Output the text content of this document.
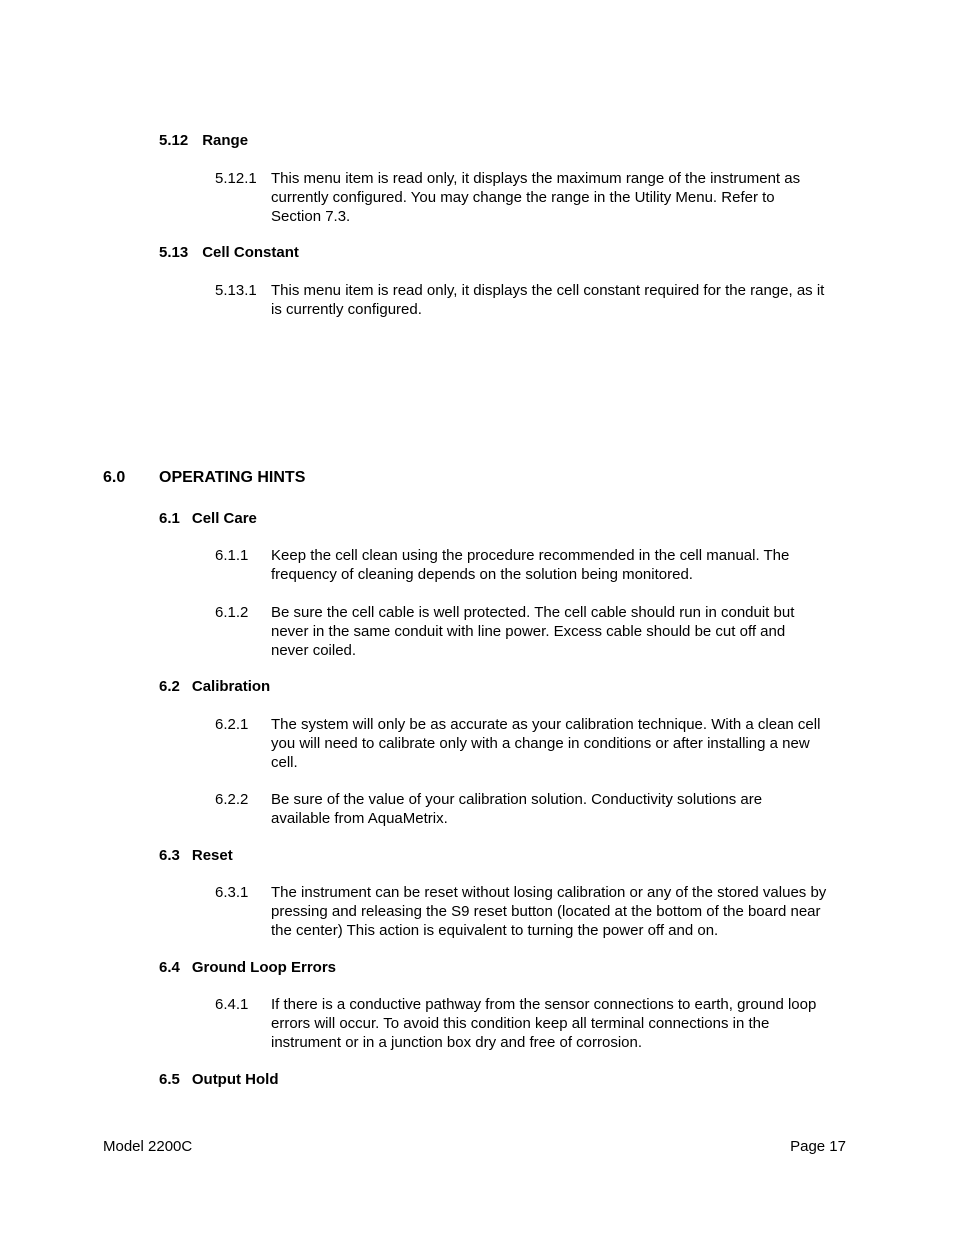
5.12 Range
5.12.1 This menu item is read only, it displays the maximum range of the instrument as
currently configured. You may change the range in the Utility Menu. Refer to
Section 7.3.
5.13 Cell Constant
5.13.1 This menu item is read only, it displays the cell constant required for the range, as it
is currently configured.
6.0 OPERATING HINTS
6.1 Cell Care
6.1.1 Keep the cell clean using the procedure recommended in the cell manual. The
frequency of cleaning depends on the solution being monitored.
6.1.2 Be sure the cell cable is well protected. The cell cable should run in conduit but
never in the same conduit with line power. Excess cable should be cut off and
never coiled.
6.2 Calibration
6.2.1 The system will only be as accurate as your calibration technique. With a clean cell
you will need to calibrate only with a change in conditions or after installing a new
cell.
6.2.2 Be sure of the value of your calibration solution. Conductivity solutions are
available from AquaMetrix.
6.3 Reset
6.3.1 The instrument can be reset without losing calibration or any of the stored values by
pressing and releasing the S9 reset button (located at the bottom of the board near
the center) This action is equivalent to turning the power off and on.
6.4 Ground Loop Errors
6.4.1 If there is a conductive pathway from the sensor connections to earth, ground loop
errors will occur. To avoid this condition keep all terminal connections in the
instrument or in a junction box dry and free of corrosion.
6.5 Output Hold
Model 2200C	Page 17
